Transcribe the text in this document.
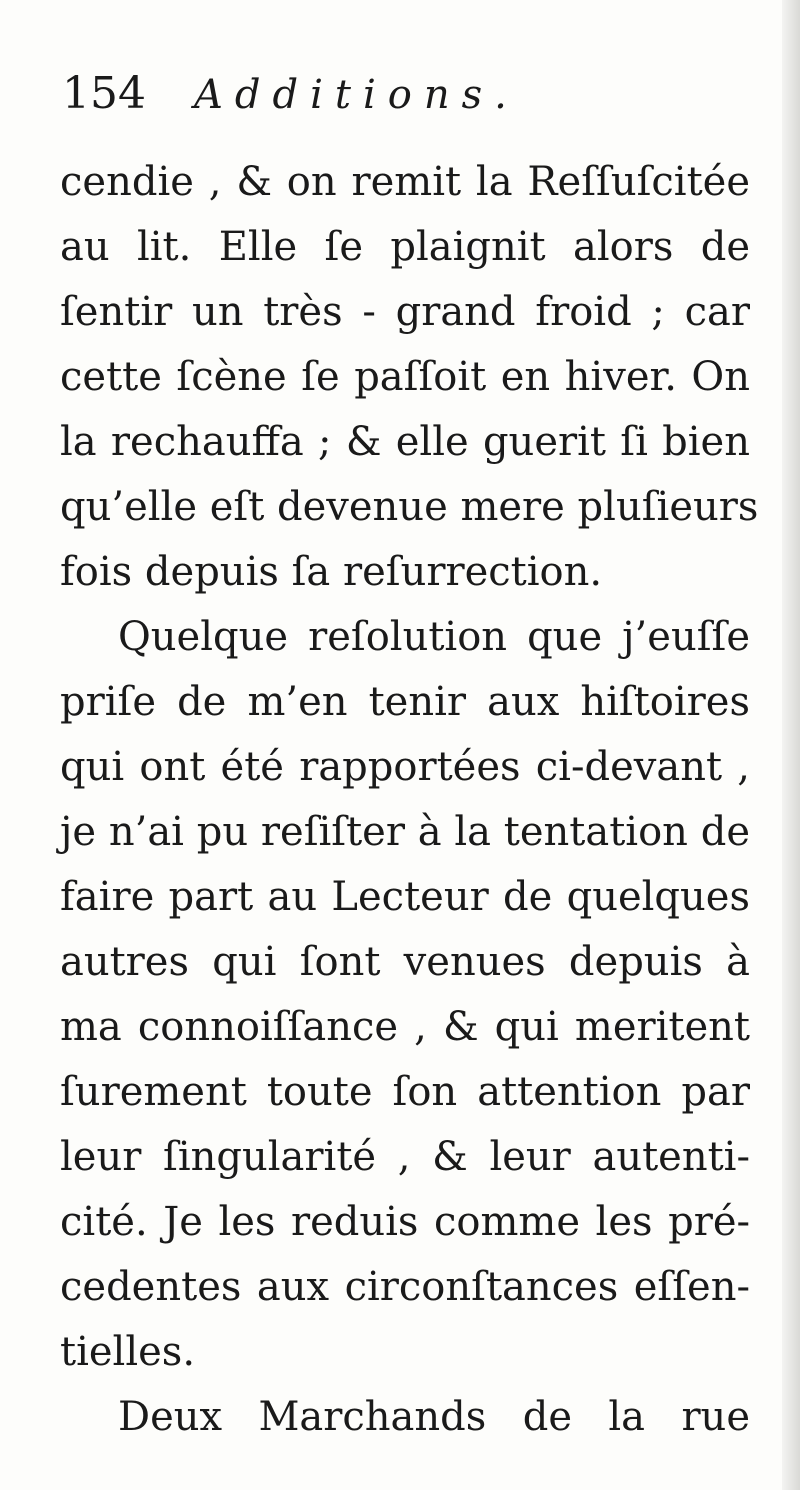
154 Additions.
cendie , & on remit la Reſſuſcitée
au lit. Elle ſe plaignit alors de
ſentir un très - grand froid ; car
cette ſcène ſe paſſoit en hiver. On
la rechauffa ; & elle guerit ſi bien
qu’elle eſt devenue mere pluſieurs
fois depuis ſa reſurrection.
Quelque reſolution que j’euſſe
priſe de m’en tenir aux hiſtoires
qui ont été rapportées ci-devant ,
je n’ai pu reſiſter à la tentation de
faire part au Lecteur de quelques
autres qui ſont venues depuis à
ma connoiſſance , & qui meritent
ſurement toute ſon attention par
leur ſingularité , & leur autenti-
cité. Je les reduis comme les pré-
cedentes aux circonſtances eſſen-
tielles.
Deux Marchands de la rue
